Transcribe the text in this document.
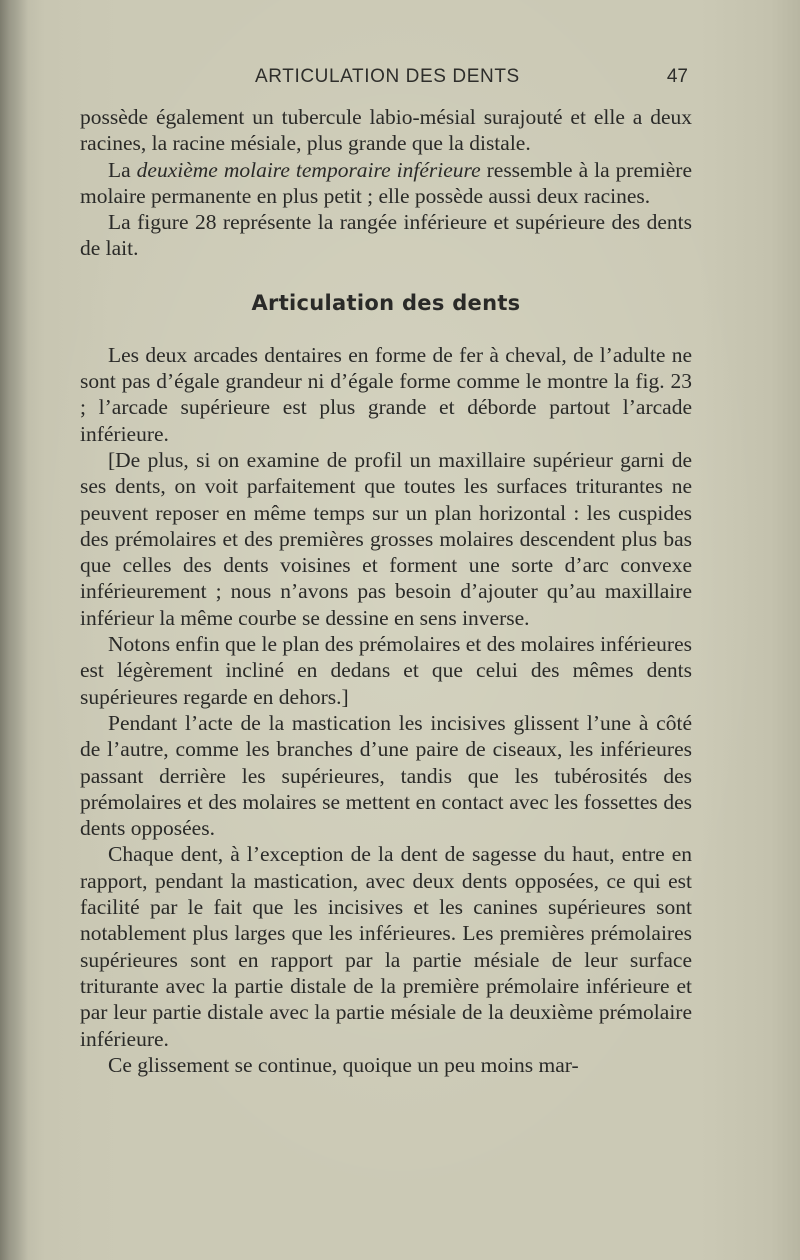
ARTICULATION DES DENTS	47

possède également un tubercule labio-mésial surajouté et elle a deux racines, la racine mésiale, plus grande que la distale.

La deuxième molaire temporaire inférieure ressemble à la première molaire permanente en plus petit ; elle possède aussi deux racines.

La figure 28 représente la rangée inférieure et supérieure des dents de lait.

Articulation des dents

Les deux arcades dentaires en forme de fer à cheval, de l’adulte ne sont pas d’égale grandeur ni d’égale forme comme le montre la fig. 23 ; l’arcade supérieure est plus grande et déborde partout l’arcade inférieure.

[De plus, si on examine de profil un maxillaire supérieur garni de ses dents, on voit parfaitement que toutes les surfaces triturantes ne peuvent reposer en même temps sur un plan horizontal : les cuspides des prémolaires et des premières grosses molaires descendent plus bas que celles des dents voisines et forment une sorte d’arc convexe inférieurement ; nous n’avons pas besoin d’ajouter qu’au maxillaire inférieur la même courbe se dessine en sens inverse.

Notons enfin que le plan des prémolaires et des molaires inférieures est légèrement incliné en dedans et que celui des mêmes dents supérieures regarde en dehors.]

Pendant l’acte de la mastication les incisives glissent l’une à côté de l’autre, comme les branches d’une paire de ciseaux, les inférieures passant derrière les supérieures, tandis que les tubérosités des prémolaires et des molaires se mettent en contact avec les fossettes des dents opposées.

Chaque dent, à l’exception de la dent de sagesse du haut, entre en rapport, pendant la mastication, avec deux dents opposées, ce qui est facilité par le fait que les incisives et les canines supérieures sont notablement plus larges que les inférieures. Les premières prémolaires supérieures sont en rapport par la partie mésiale de leur surface triturante avec la partie distale de la première prémolaire inférieure et par leur partie distale avec la partie mésiale de la deuxième prémolaire inférieure.

Ce glissement se continue, quoique un peu moins mar-
